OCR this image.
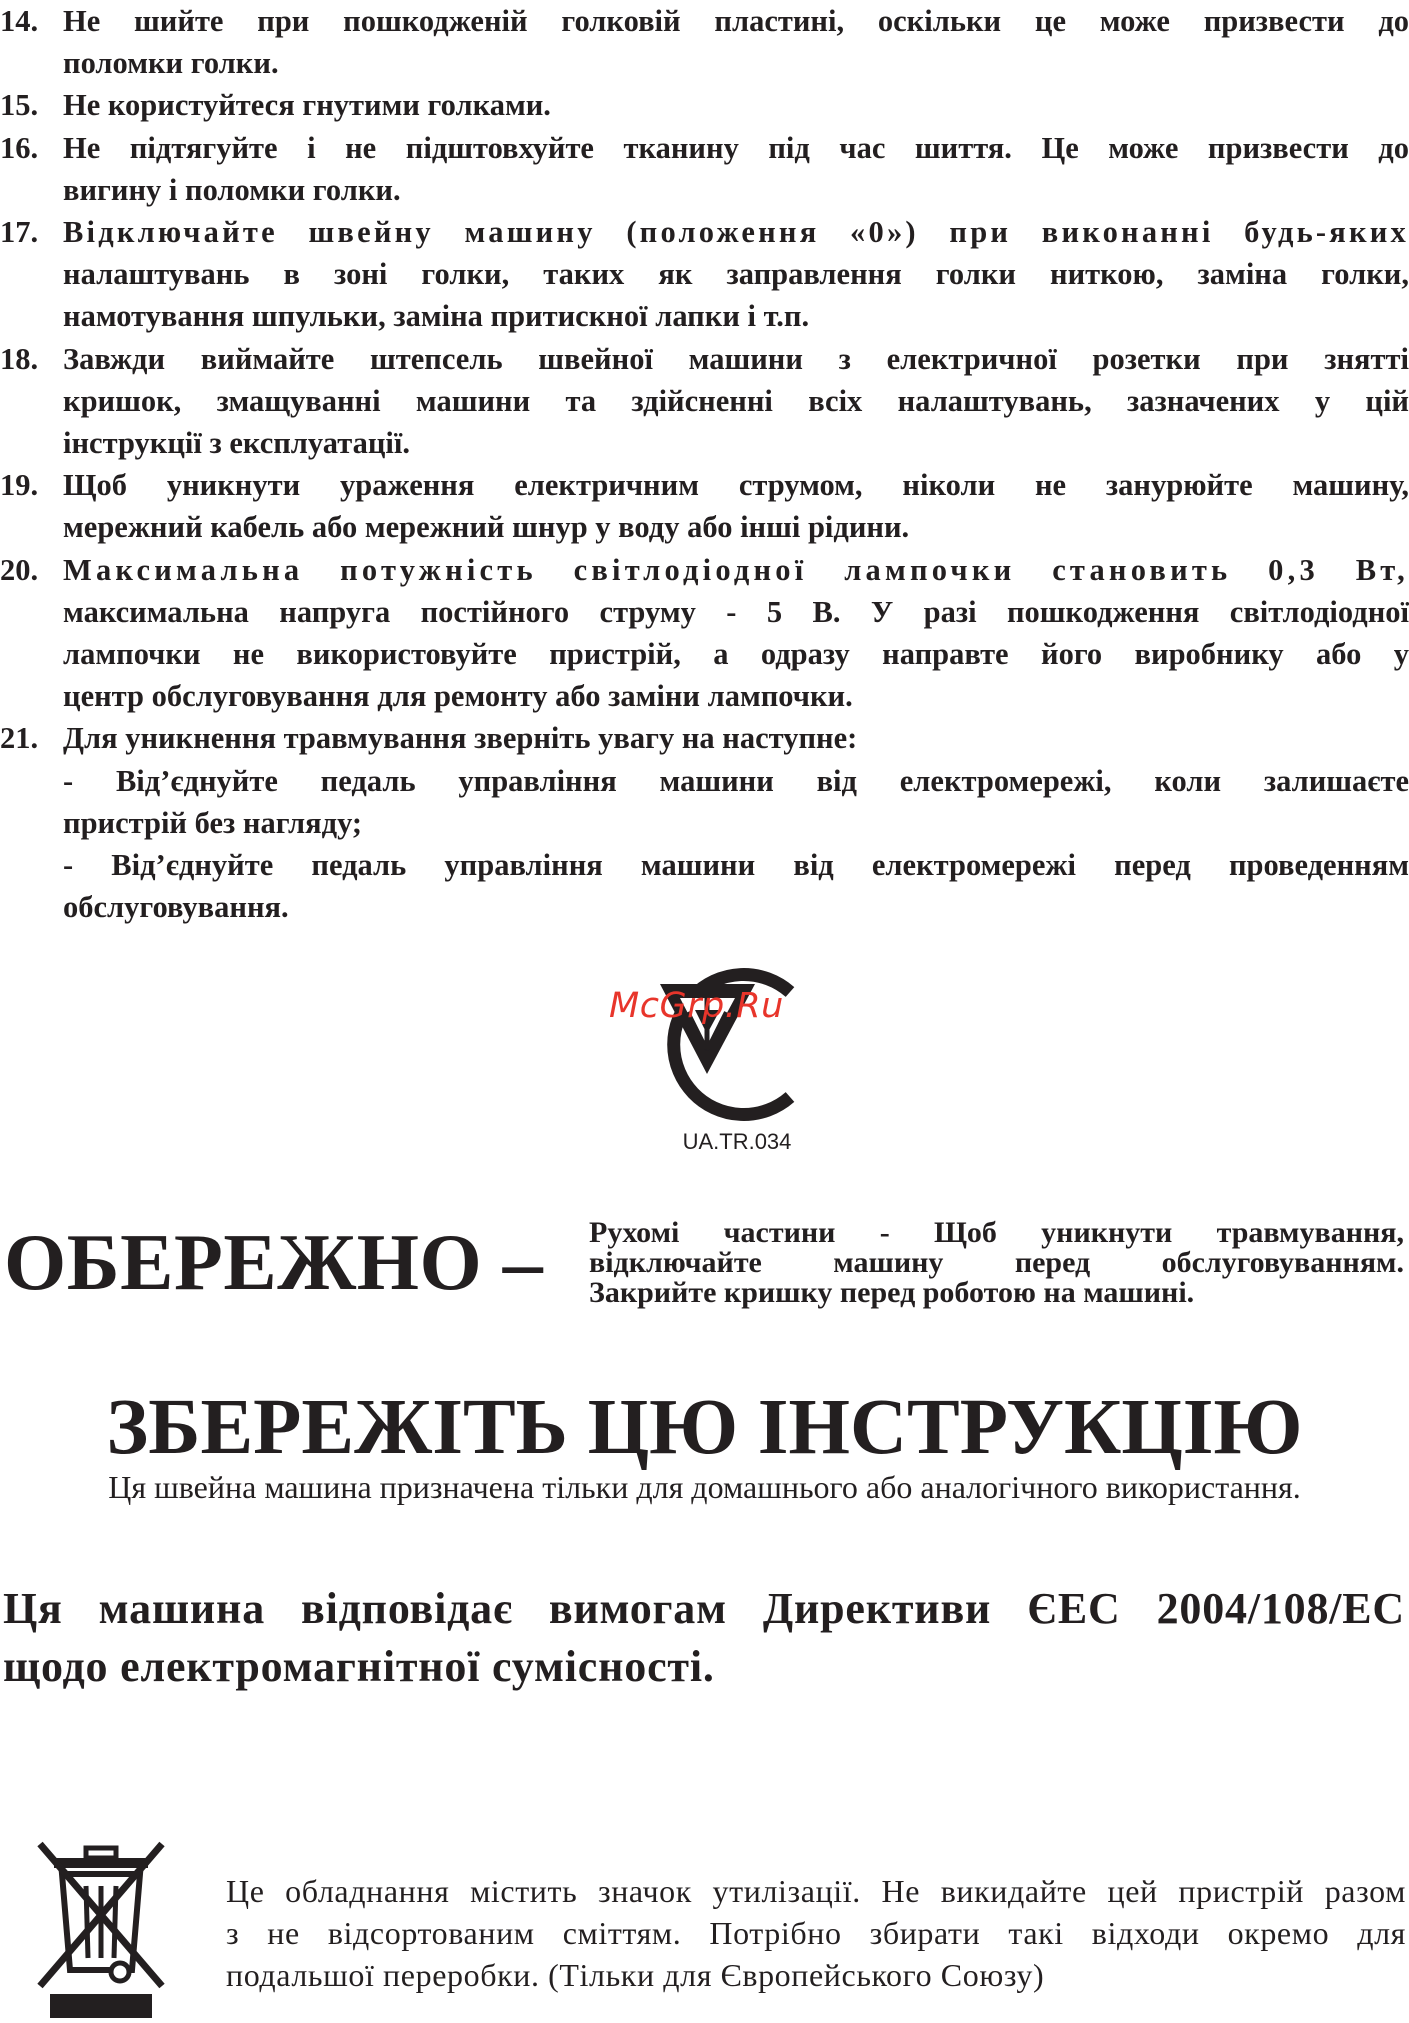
14. Не шийте при пошкодженій голковій пластині, оскільки це може призвести до
поломки голки.
15. Не користуйтеся гнутими голками.
16. Не підтягуйте і не підштовхуйте тканину під час шиття. Це може призвести до
вигину і поломки голки.
17. Відключайте швейну машину (положення «0») при виконанні будь-яких
налаштувань в зоні голки, таких як заправлення голки ниткою, заміна голки,
намотування шпульки, заміна притискної лапки і т.п.
18. Завжди виймайте штепсель швейної машини з електричної розетки при знятті
кришок, змащуванні машини та здійсненні всіх налаштувань, зазначених у цій
інструкції з експлуатації.
19. Щоб уникнути ураження електричним струмом, ніколи не занурюйте машину,
мережний кабель або мережний шнур у воду або інші рідини.
20. Максимальна потужність світлодіодної лампочки становить 0,3 Вт,
максимальна напруга постійного струму - 5 В. У разі пошкодження світлодіодної
лампочки не використовуйте пристрій, а одразу направте його виробнику або у
центр обслуговування для ремонту або заміни лампочки.
21. Для уникнення травмування зверніть увагу на наступне:
- Від’єднуйте педаль управління машини від електромережі, коли залишаєте
пристрій без нагляду;
- Від’єднуйте педаль управління машини від електромережі перед проведенням
обслуговування.
McGrp.Ru
UA.TR.034
ОБЕРЕЖНО – Рухомі частини - Щоб уникнути травмування,
відключайте машину перед обслуговуванням.
Закрийте кришку перед роботою на машині.
ЗБЕРЕЖІТЬ ЦЮ ІНСТРУКЦІЮ
Ця швейна машина призначена тільки для домашнього або аналогічного використання.
Ця машина відповідає вимогам Директиви ЄЕС 2004/108/EC
щодо електромагнітної сумісності.
Це обладнання містить значок утилізації. Не викидайте цей пристрій разом
з не відсортованим сміттям. Потрібно збирати такі відходи окремо для
подальшої переробки. (Тільки для Європейського Союзу)
